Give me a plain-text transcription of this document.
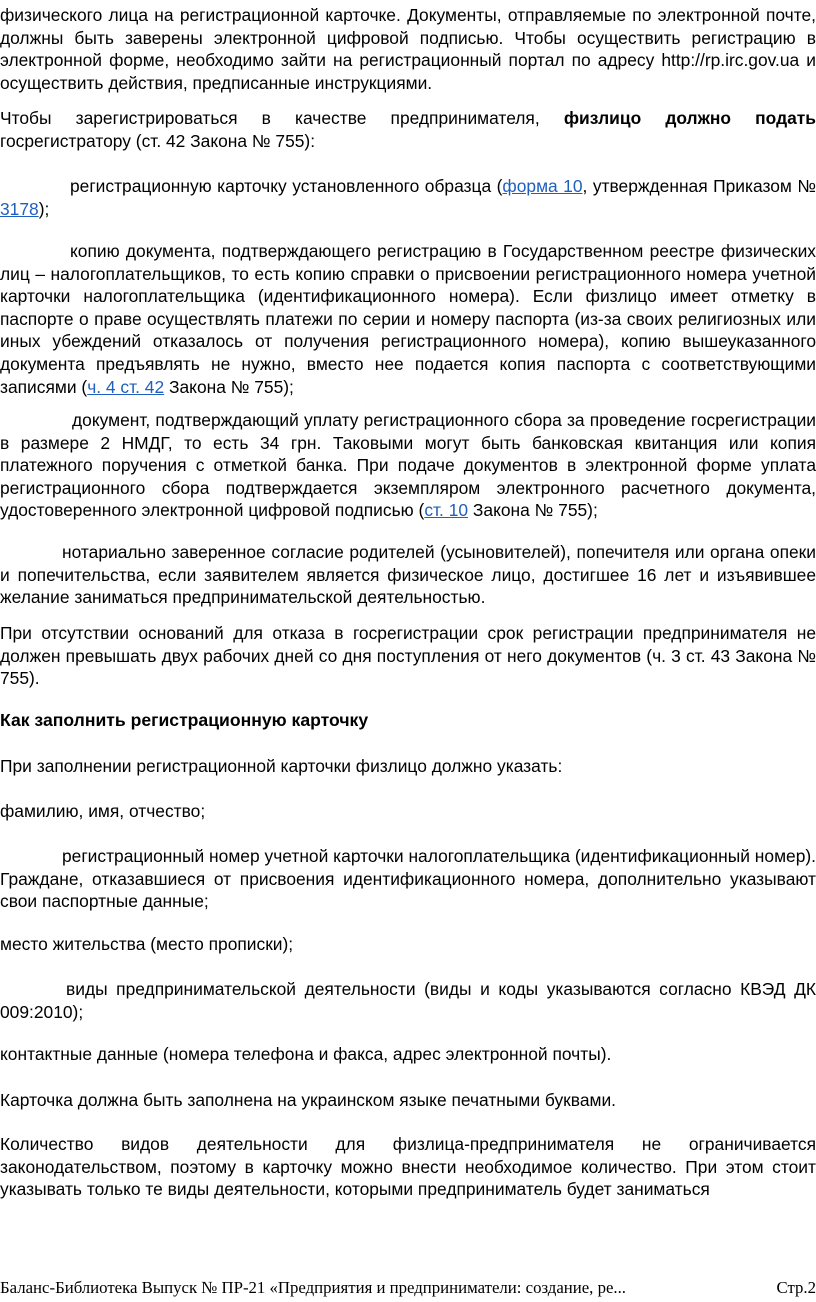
физического лица на регистрационной карточке. Документы, отправляемые по электронной почте, должны быть заверены электронной цифровой подписью. Чтобы осуществить регистрацию в электронной форме, необходимо зайти на регистрационный портал по адресу http://rp.irc.gov.ua и осуществить действия, предписанные инструкциями.

Чтобы зарегистрироваться в качестве предпринимателя, физлицо должно подать госрегистратору (ст. 42 Закона № 755):

регистрационную карточку установленного образца (форма 10, утвержденная Приказом № 3178);

копию документа, подтверждающего регистрацию в Государственном реестре физических лиц – налогоплательщиков, то есть копию справки о присвоении регистрационного номера учетной карточки налогоплательщика (идентификационного номера). Если физлицо имеет отметку в паспорте о праве осуществлять платежи по серии и номеру паспорта (из-за своих религиозных или иных убеждений отказалось от получения регистрационного номера), копию вышеуказанного документа предъявлять не нужно, вместо нее подается копия паспорта с соответствующими записями (ч. 4 ст. 42 Закона № 755);

документ, подтверждающий уплату регистрационного сбора за проведение госрегистрации в размере 2 НМДГ, то есть 34 грн. Таковыми могут быть банковская квитанция или копия платежного поручения с отметкой банка. При подаче документов в электронной форме уплата регистрационного сбора подтверждается экземпляром электронного расчетного документа, удостоверенного электронной цифровой подписью (ст. 10 Закона № 755);

нотариально заверенное согласие родителей (усыновителей), попечителя или органа опеки и попечительства, если заявителем является физическое лицо, достигшее 16 лет и изъявившее желание заниматься предпринимательской деятельностью.

При отсутствии оснований для отказа в госрегистрации срок регистрации предпринимателя не должен превышать двух рабочих дней со дня поступления от него документов (ч. 3 ст. 43 Закона № 755).

Как заполнить регистрационную карточку

При заполнении регистрационной карточки физлицо должно указать:

фамилию, имя, отчество;

регистрационный номер учетной карточки налогоплательщика (идентификационный номер). Граждане, отказавшиеся от присвоения идентификационного номера, дополнительно указывают свои паспортные данные;

место жительства (место прописки);

виды предпринимательской деятельности (виды и коды указываются согласно КВЭД ДК 009:2010);

контактные данные (номера телефона и факса, адрес электронной почты).

Карточка должна быть заполнена на украинском языке печатными буквами.

Количество видов деятельности для физлица-предпринимателя не ограничивается законодательством, поэтому в карточку можно внести необходимое количество. При этом стоит указывать только те виды деятельности, которыми предприниматель будет заниматься

Баланс-Библиотека Выпуск № ПР-21 «Предприятия и предприниматели: создание, ре...	Стр.2
